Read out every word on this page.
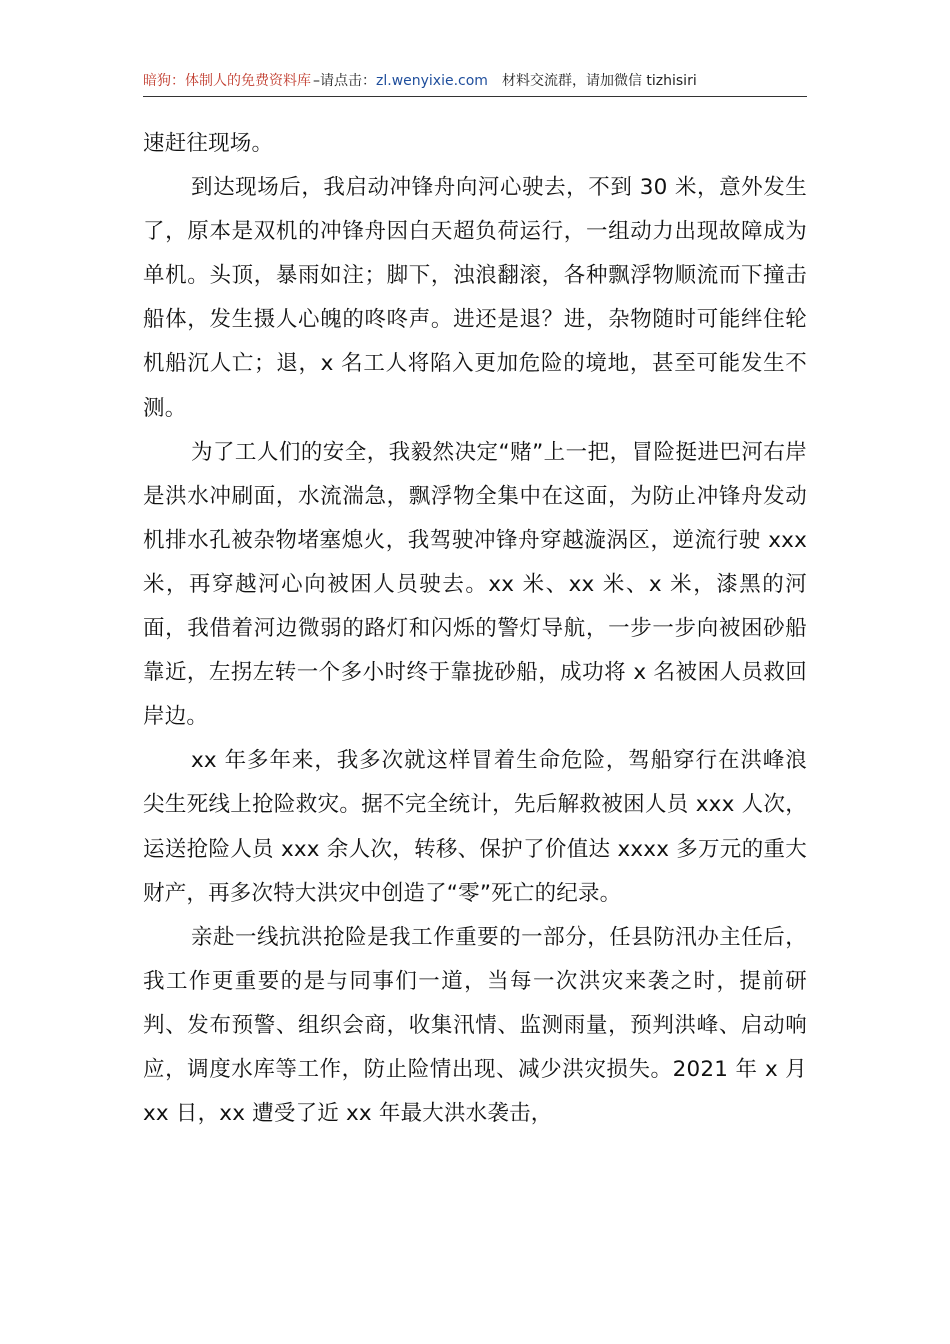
暗狗：体制人的免费资料库 –请点击：zl.wenyixie.com 材料交流群，请加微信 tizhisiri

速赶往现场。

到达现场后，我启动冲锋舟向河心驶去，不到 30 米，意外发生了，原本是双机的冲锋舟因白天超负荷运行，一组动力出现故障成为单机。头顶，暴雨如注；脚下，浊浪翻滚，各种飘浮物顺流而下撞击船体，发生摄人心魄的咚咚声。进还是退？进，杂物随时可能绊住轮机船沉人亡；退，x 名工人将陷入更加危险的境地，甚至可能发生不测。

为了工人们的安全，我毅然决定“赌”上一把，冒险挺进巴河右岸是洪水冲刷面，水流湍急，飘浮物全集中在这面，为防止冲锋舟发动机排水孔被杂物堵塞熄火，我驾驶冲锋舟穿越漩涡区，逆流行驶 xxx 米，再穿越河心向被困人员驶去。xx 米、xx 米、x 米，漆黑的河面，我借着河边微弱的路灯和闪烁的警灯导航，一步一步向被困砂船靠近，左拐左转一个多小时终于靠拢砂船，成功将 x 名被困人员救回岸边。

xx 年多年来，我多次就这样冒着生命危险，驾船穿行在洪峰浪尖生死线上抢险救灾。据不完全统计，先后解救被困人员 xxx 人次，运送抢险人员 xxx 余人次，转移、保护了价值达 xxxx 多万元的重大财产，再多次特大洪灾中创造了“零”死亡的纪录。

亲赴一线抗洪抢险是我工作重要的一部分，任县防汛办主任后，我工作更重要的是与同事们一道，当每一次洪灾来袭之时，提前研判、发布预警、组织会商，收集汛情、监测雨量，预判洪峰、启动响应，调度水库等工作，防止险情出现、减少洪灾损失。2021 年 x 月 xx 日，xx 遭受了近 xx 年最大洪水袭击，
